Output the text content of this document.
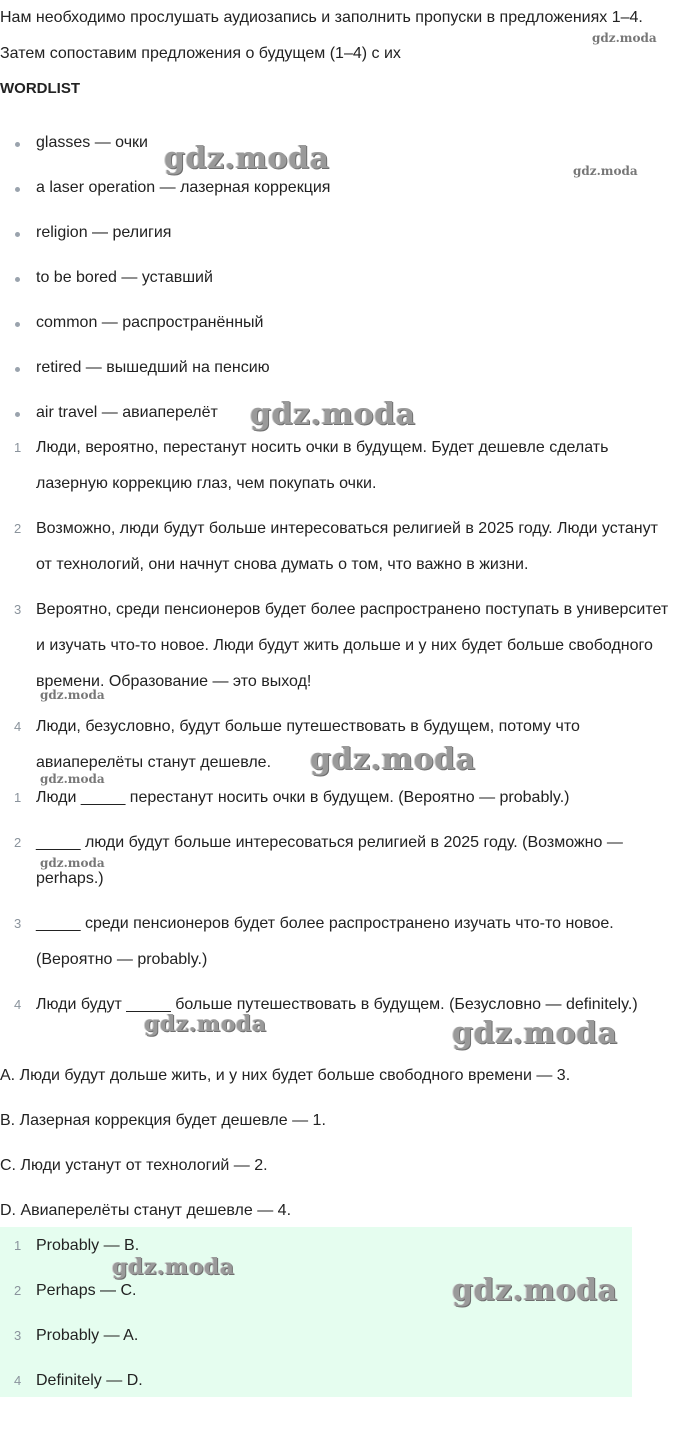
Нам необходимо прослушать аудиозапись и заполнить пропуски в предложениях 1–4. Затем сопоставим предложения о будущем (1–4) с их

WORDLIST
glasses — очки
a laser operation — лазерная коррекция
religion — религия
to be bored — уставший
common — распространённый
retired — вышедший на пенсию
air travel — авиаперелёт
1 Люди, вероятно, перестанут носить очки в будущем. Будет дешевле сделать лазерную коррекцию глаз, чем покупать очки.
2 Возможно, люди будут больше интересоваться религией в 2025 году. Люди устанут от технологий, они начнут снова думать о том, что важно в жизни.
3 Вероятно, среди пенсионеров будет более распространено поступать в университет и изучать что-то новое. Люди будут жить дольше и у них будет больше свободного времени. Образование — это выход!
4 Люди, безусловно, будут больше путешествовать в будущем, потому что авиаперелёты станут дешевле.
1 Люди _____ перестанут носить очки в будущем. (Вероятно — probably.)
2 _____ люди будут больше интересоваться религией в 2025 году. (Возможно — perhaps.)
3 _____ среди пенсионеров будет более распространено изучать что-то новое. (Вероятно — probably.)
4 Люди будут _____ больше путешествовать в будущем. (Безусловно — definitely.)
A. Люди будут дольше жить, и у них будет больше свободного времени — 3.
B. Лазерная коррекция будет дешевле — 1.
C. Люди устанут от технологий — 2.
D. Авиаперелёты станут дешевле — 4.
1 Probably — B.
2 Perhaps — C.
3 Probably — A.
4 Definitely — D.
gdz.moda
gdz.moda	gdz.moda
gdz.moda
gdz.moda
gdz.moda
gdz.moda
gdz.moda
gdz.moda	gdz.moda
gdz.moda
gdz.moda
